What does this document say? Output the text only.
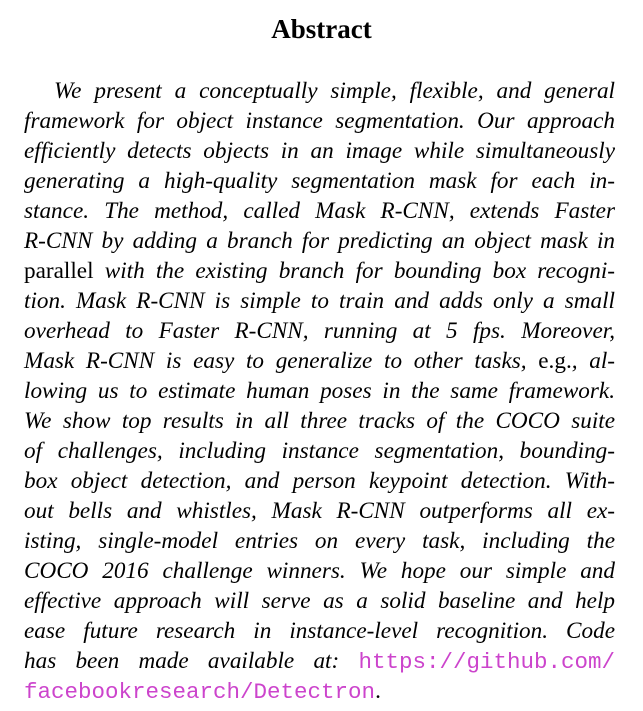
Abstract
We present a conceptually simple, flexible, and general
framework for object instance segmentation. Our approach
efficiently detects objects in an image while simultaneously
generating a high-quality segmentation mask for each in-
stance. The method, called Mask R-CNN, extends Faster
R-CNN by adding a branch for predicting an object mask in
parallel with the existing branch for bounding box recogni-
tion. Mask R-CNN is simple to train and adds only a small
overhead to Faster R-CNN, running at 5 fps. Moreover,
Mask R-CNN is easy to generalize to other tasks, e.g., al-
lowing us to estimate human poses in the same framework.
We show top results in all three tracks of the COCO suite
of challenges, including instance segmentation, bounding-
box object detection, and person keypoint detection. With-
out bells and whistles, Mask R-CNN outperforms all ex-
isting, single-model entries on every task, including the
COCO 2016 challenge winners. We hope our simple and
effective approach will serve as a solid baseline and help
ease future research in instance-level recognition. Code
has been made available at: https://github.com/
facebookresearch/Detectron.
